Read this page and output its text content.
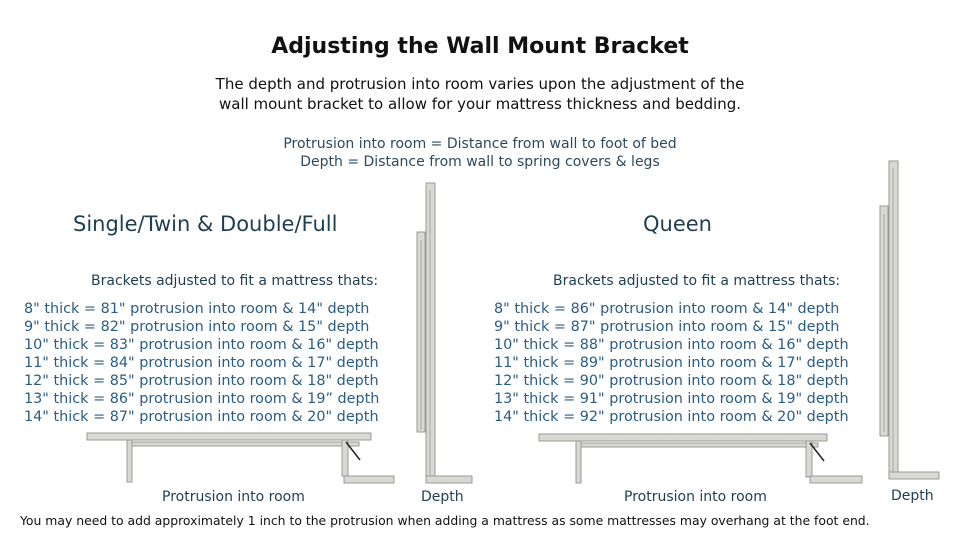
Adjusting the Wall Mount Bracket
The depth and protrusion into room varies upon the adjustment of the
wall mount bracket to allow for your mattress thickness and bedding.
Protrusion into room = Distance from wall to foot of bed
Depth = Distance from wall to spring covers & legs
Single/Twin & Double/Full
Brackets adjusted to fit a mattress thats:
8" thick = 81" protrusion into room & 14" depth
9" thick = 82" protrusion into room & 15" depth
10" thick = 83" protrusion into room & 16" depth
11" thick = 84" protrusion into room & 17" depth
12" thick = 85" protrusion into room & 18" depth
13" thick = 86" protrusion into room & 19” depth
14" thick = 87" protrusion into room & 20" depth
Queen
Brackets adjusted to fit a mattress thats:
8" thick = 86" protrusion into room & 14" depth
9" thick = 87" protrusion into room & 15" depth
10" thick = 88" protrusion into room & 16" depth
11" thick = 89" protrusion into room & 17" depth
12" thick = 90" protrusion into room & 18" depth
13" thick = 91" protrusion into room & 19" depth
14" thick = 92" protrusion into room & 20" depth
Protrusion into room	Depth	Protrusion into room	Depth
You may need to add approximately 1 inch to the protrusion when adding a mattress as some mattresses may overhang at the foot end.
